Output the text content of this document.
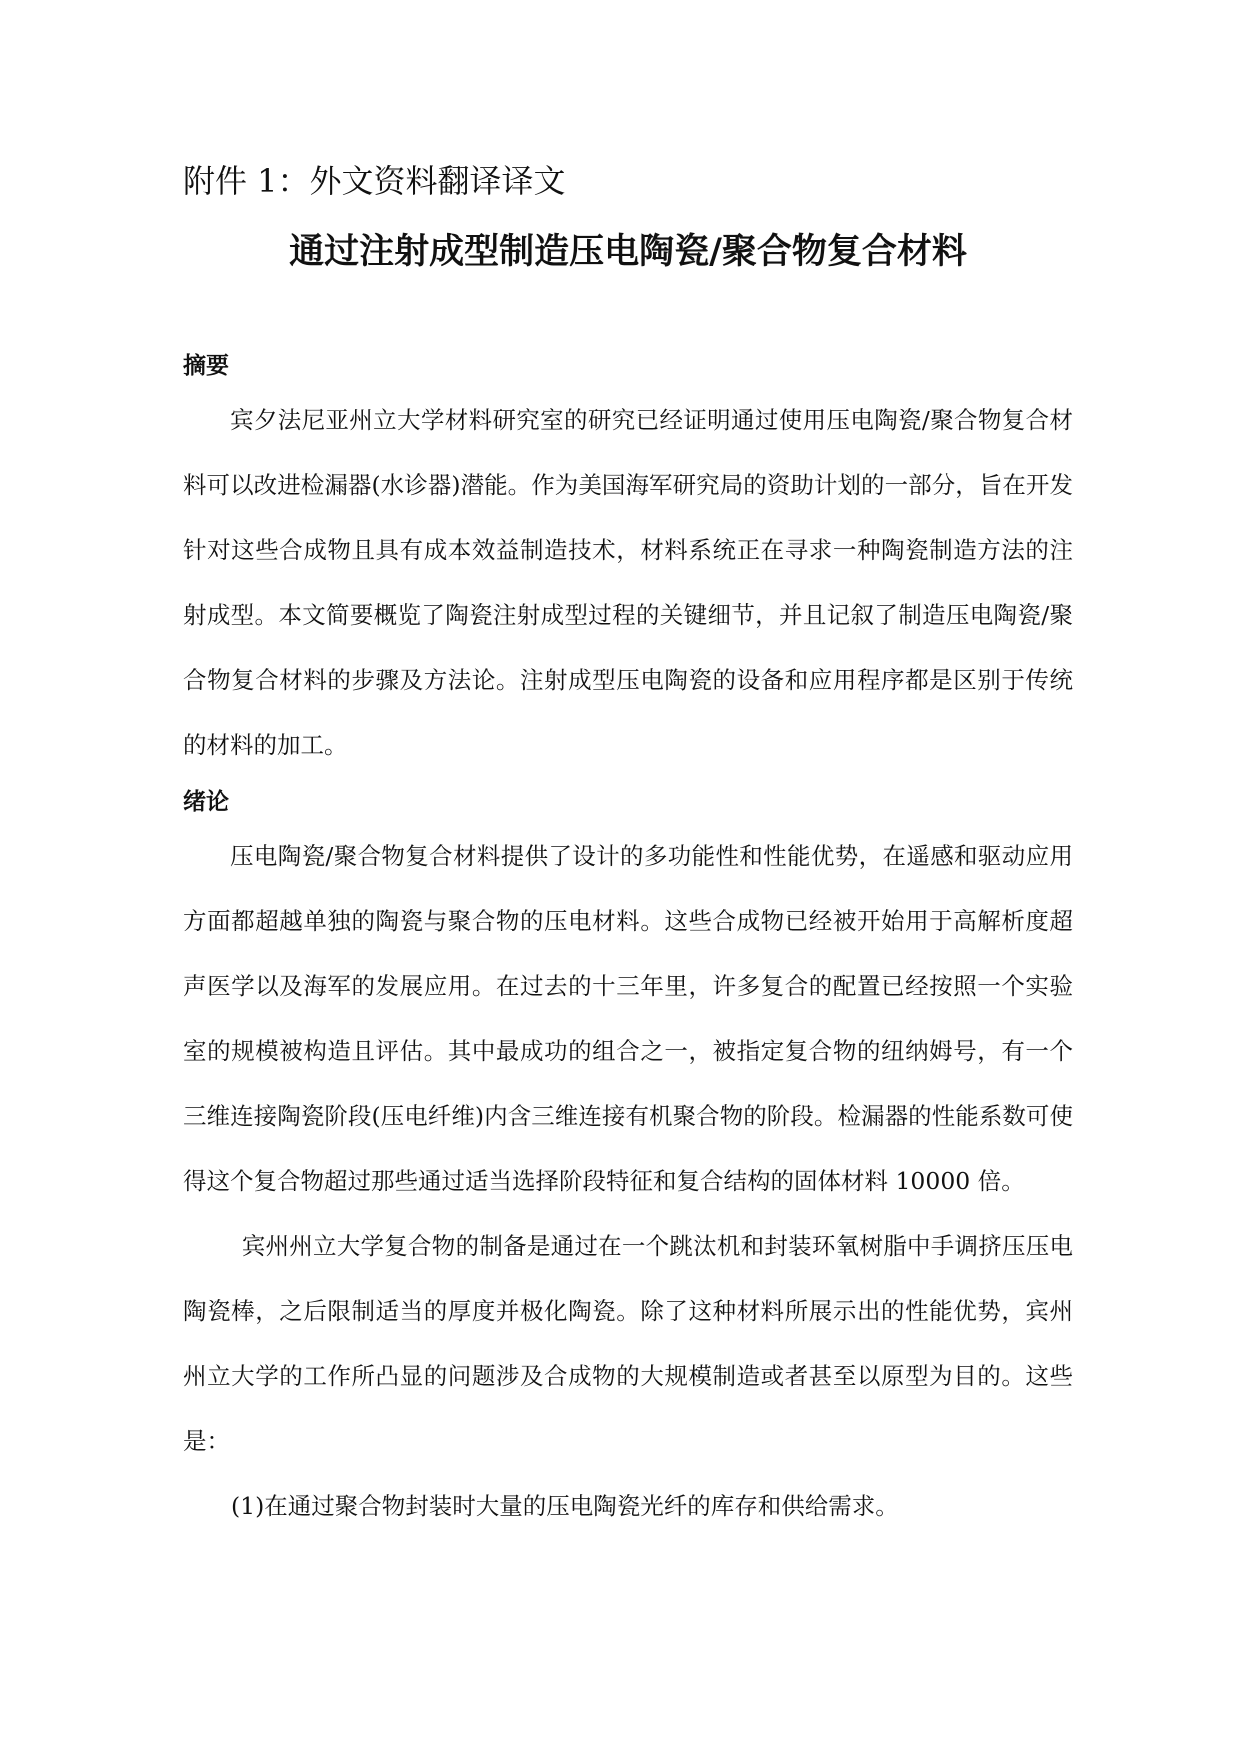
附件 1：外文资料翻译译文

通过注射成型制造压电陶瓷/聚合物复合材料
摘要

宾夕法尼亚州立大学材料研究室的研究已经证明通过使用压电陶瓷/聚合物复合材料可以改进检漏器(水诊器)潜能。作为美国海军研究局的资助计划的一部分，旨在开发针对这些合成物且具有成本效益制造技术，材料系统正在寻求一种陶瓷制造方法的注射成型。本文简要概览了陶瓷注射成型过程的关键细节，并且记叙了制造压电陶瓷/聚合物复合材料的步骤及方法论。注射成型压电陶瓷的设备和应用程序都是区别于传统的材料的加工。

绪论

压电陶瓷/聚合物复合材料提供了设计的多功能性和性能优势，在遥感和驱动应用方面都超越单独的陶瓷与聚合物的压电材料。这些合成物已经被开始用于高解析度超声医学以及海军的发展应用。在过去的十三年里，许多复合的配置已经按照一个实验室的规模被构造且评估。其中最成功的组合之一，被指定复合物的纽纳姆号，有一个三维连接陶瓷阶段(压电纤维)内含三维连接有机聚合物的阶段。检漏器的性能系数可使得这个复合物超过那些通过适当选择阶段特征和复合结构的固体材料 10000 倍。

宾州州立大学复合物的制备是通过在一个跳汰机和封装环氧树脂中手调挤压压电陶瓷棒，之后限制适当的厚度并极化陶瓷。除了这种材料所展示出的性能优势，宾州州立大学的工作所凸显的问题涉及合成物的大规模制造或者甚至以原型为目的。这些是：

(1)在通过聚合物封装时大量的压电陶瓷光纤的库存和供给需求。
